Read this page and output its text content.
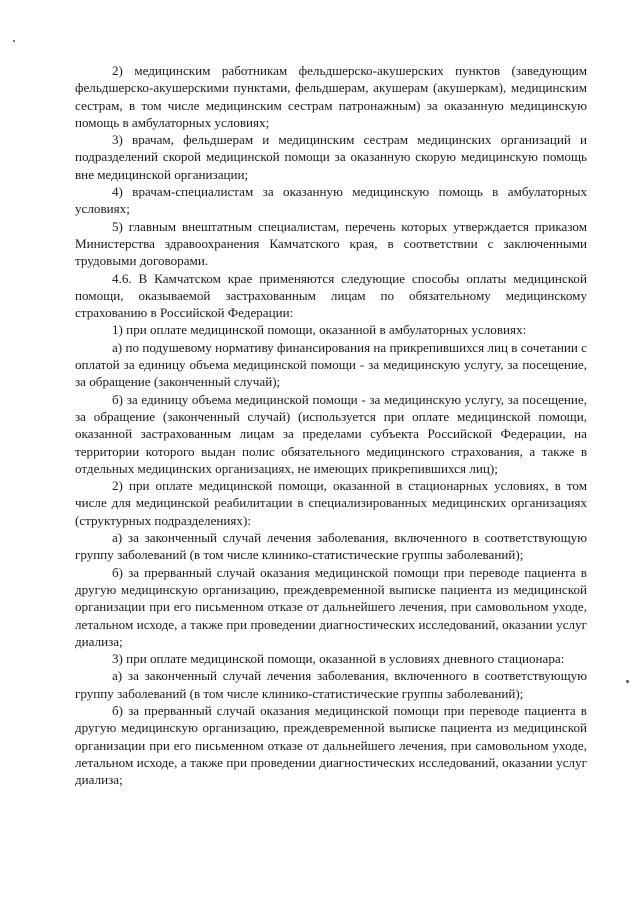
2) медицинским работникам фельдшерско-акушерских пунктов (заведующим фельдшерско-акушерскими пунктами, фельдшерам, акушерам (акушеркам), медицинским сестрам, в том числе медицинским сестрам патронажным) за оказанную медицинскую помощь в амбулаторных условиях;

3) врачам, фельдшерам и медицинским сестрам медицинских организаций и подразделений скорой медицинской помощи за оказанную скорую медицинскую помощь вне медицинской организации;

4) врачам-специалистам за оказанную медицинскую помощь в амбулаторных условиях;

5) главным внештатным специалистам, перечень которых утверждается приказом Министерства здравоохранения Камчатского края, в соответствии с заключенными трудовыми договорами.

4.6. В Камчатском крае применяются следующие способы оплаты медицинской помощи, оказываемой застрахованным лицам по обязательному медицинскому страхованию в Российской Федерации:

1) при оплате медицинской помощи, оказанной в амбулаторных условиях:

а) по подушевому нормативу финансирования на прикрепившихся лиц в сочетании с оплатой за единицу объема медицинской помощи - за медицинскую услугу, за посещение, за обращение (законченный случай);

б) за единицу объема медицинской помощи - за медицинскую услугу, за посещение, за обращение (законченный случай) (используется при оплате медицинской помощи, оказанной застрахованным лицам за пределами субъекта Российской Федерации, на территории которого выдан полис обязательного медицинского страхования, а также в отдельных медицинских организациях, не имеющих прикрепившихся лиц);

2) при оплате медицинской помощи, оказанной в стационарных условиях, в том числе для медицинской реабилитации в специализированных медицинских организациях (структурных подразделениях):

а) за законченный случай лечения заболевания, включенного в соответствующую группу заболеваний (в том числе клинико-статистические группы заболеваний);

б) за прерванный случай оказания медицинской помощи при переводе пациента в другую медицинскую организацию, преждевременной выписке пациента из медицинской организации при его письменном отказе от дальнейшего лечения, при самовольном уходе, летальном исходе, а также при проведении диагностических исследований, оказании услуг диализа;

3) при оплате медицинской помощи, оказанной в условиях дневного стационара:

а) за законченный случай лечения заболевания, включенного в соответствующую группу заболеваний (в том числе клинико-статистические группы заболеваний);

б) за прерванный случай оказания медицинской помощи при переводе пациента в другую медицинскую организацию, преждевременной выписке пациента из медицинской организации при его письменном отказе от дальнейшего лечения, при самовольном уходе, летальном исходе, а также при проведении диагностических исследований, оказании услуг диализа;
